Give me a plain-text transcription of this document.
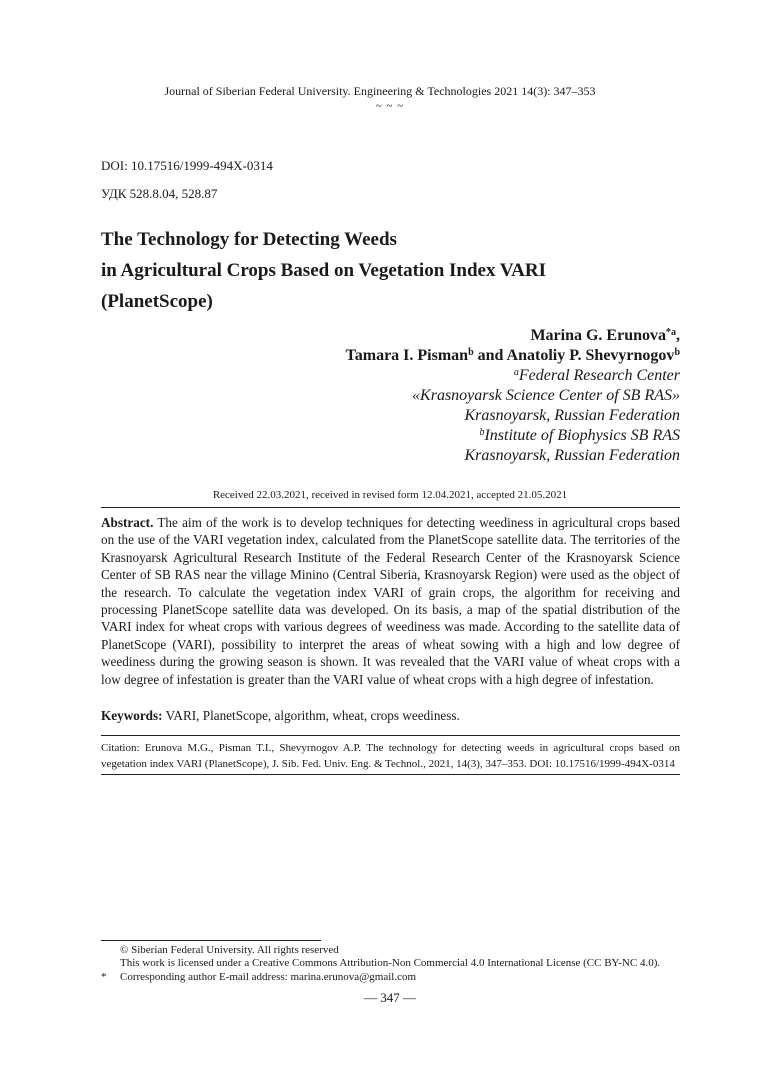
Journal of Siberian Federal University. Engineering & Technologies 2021 14(3): 347–353
~ ~ ~
DOI: 10.17516/1999-494X-0314
УДК 528.8.04, 528.87
The Technology for Detecting Weeds
in Agricultural Crops Based on Vegetation Index VARI
(PlanetScope)
Marina G. Erunova$^{*a}$,
Tamara I. Pisman$^b$ and Anatoliy P. Shevyrnogov$^b$
$^a$Federal Research Center
«Krasnoyarsk Science Center of SB RAS»
Krasnoyarsk, Russian Federation
$^b$Institute of Biophysics SB RAS
Krasnoyarsk, Russian Federation
Received 22.03.2021, received in revised form 12.04.2021, accepted 21.05.2021
Abstract. The aim of the work is to develop techniques for detecting weediness in agricultural crops based on the use of the VARI vegetation index, calculated from the PlanetScope satellite data. The territories of the Krasnoyarsk Agricultural Research Institute of the Federal Research Center of the Krasnoyarsk Science Center of SB RAS near the village Minino (Central Siberia, Krasnoyarsk Region) were used as the object of the research. To calculate the vegetation index VARI of grain crops, the algorithm for receiving and processing PlanetScope satellite data was developed. On its basis, a map of the spatial distribution of the VARI index for wheat crops with various degrees of weediness was made. According to the satellite data of PlanetScope (VARI), possibility to interpret the areas of wheat sowing with a high and low degree of weediness during the growing season is shown. It was revealed that the VARI value of wheat crops with a low degree of infestation is greater than the VARI value of wheat crops with a high degree of infestation.
Keywords: VARI, PlanetScope, algorithm, wheat, crops weediness.
Citation: Erunova M.G., Pisman T.I., Shevyrnogov A.P. The technology for detecting weeds in agricultural crops based on vegetation index VARI (PlanetScope), J. Sib. Fed. Univ. Eng. & Technol., 2021, 14(3), 347–353. DOI: 10.17516/1999-494X-0314
© Siberian Federal University. All rights reserved
This work is licensed under a Creative Commons Attribution-Non Commercial 4.0 International License (CC BY-NC 4.0).
* Corresponding author E-mail address: marina.erunova@gmail.com
— 347 —
